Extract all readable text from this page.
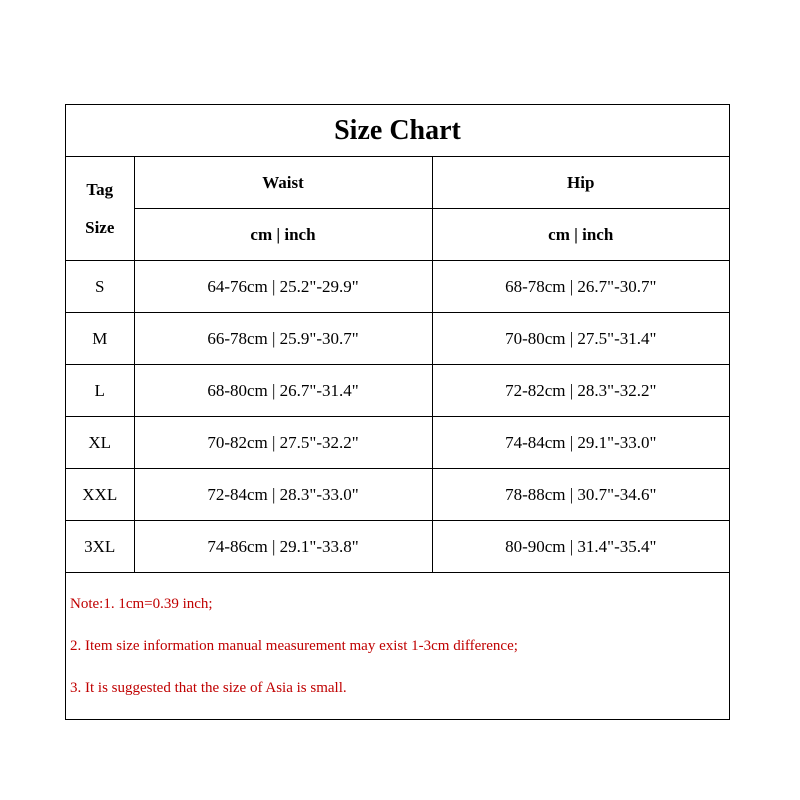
Size Chart
Tag
Size	Waist	Hip
	cm | inch	cm | inch
S	64-76cm | 25.2"-29.9"	68-78cm | 26.7"-30.7"
M	66-78cm | 25.9"-30.7"	70-80cm | 27.5"-31.4"
L	68-80cm | 26.7"-31.4"	72-82cm | 28.3"-32.2"
XL	70-82cm | 27.5"-32.2"	74-84cm | 29.1"-33.0"
XXL	72-84cm | 28.3"-33.0"	78-88cm | 30.7"-34.6"
3XL	74-86cm | 29.1"-33.8"	80-90cm | 31.4"-35.4"
Note:1. 1cm=0.39 inch;
2. Item size information manual measurement may exist 1-3cm difference;
3. It is suggested that the size of Asia is small.
